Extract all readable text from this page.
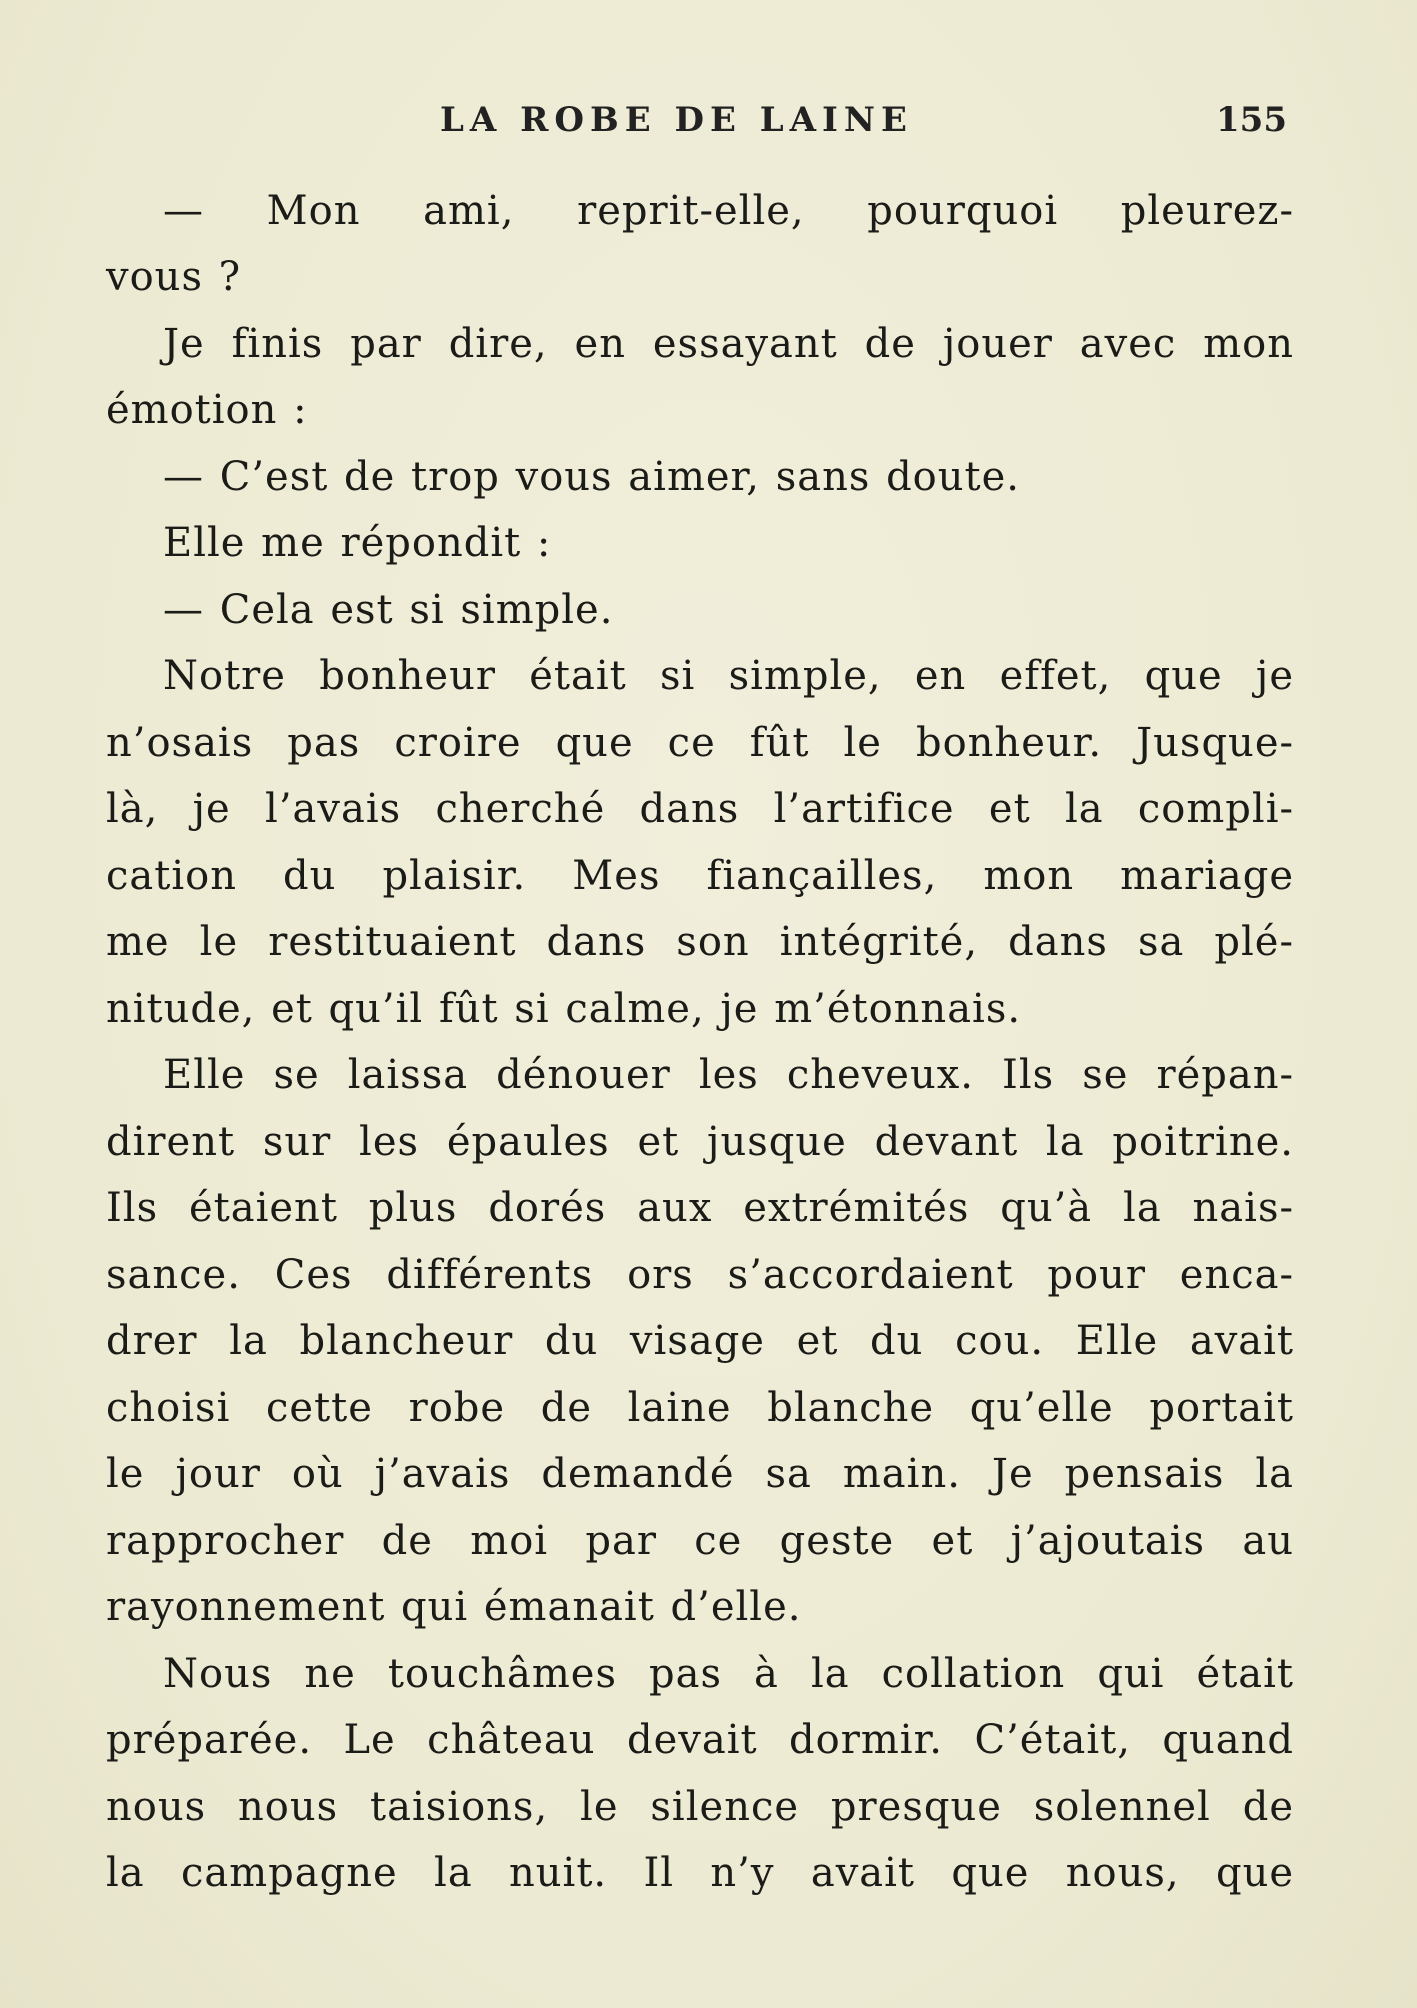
LA ROBE DE LAINE	155
— Mon ami, reprit-elle, pourquoi pleurez-
vous ?
Je finis par dire, en essayant de jouer avec mon
émotion :
— C’est de trop vous aimer, sans doute.
Elle me répondit :
— Cela est si simple.
Notre bonheur était si simple, en effet, que je
n’osais pas croire que ce fût le bonheur. Jusque-
là, je l’avais cherché dans l’artifice et la compli-
cation du plaisir. Mes fiançailles, mon mariage
me le restituaient dans son intégrité, dans sa plé-
nitude, et qu’il fût si calme, je m’étonnais.
Elle se laissa dénouer les cheveux. Ils se répan-
dirent sur les épaules et jusque devant la poitrine.
Ils étaient plus dorés aux extrémités qu’à la nais-
sance. Ces différents ors s’accordaient pour enca-
drer la blancheur du visage et du cou. Elle avait
choisi cette robe de laine blanche qu’elle portait
le jour où j’avais demandé sa main. Je pensais la
rapprocher de moi par ce geste et j’ajoutais au
rayonnement qui émanait d’elle.
Nous ne touchâmes pas à la collation qui était
préparée. Le château devait dormir. C’était, quand
nous nous taisions, le silence presque solennel de
la campagne la nuit. Il n’y avait que nous, que
